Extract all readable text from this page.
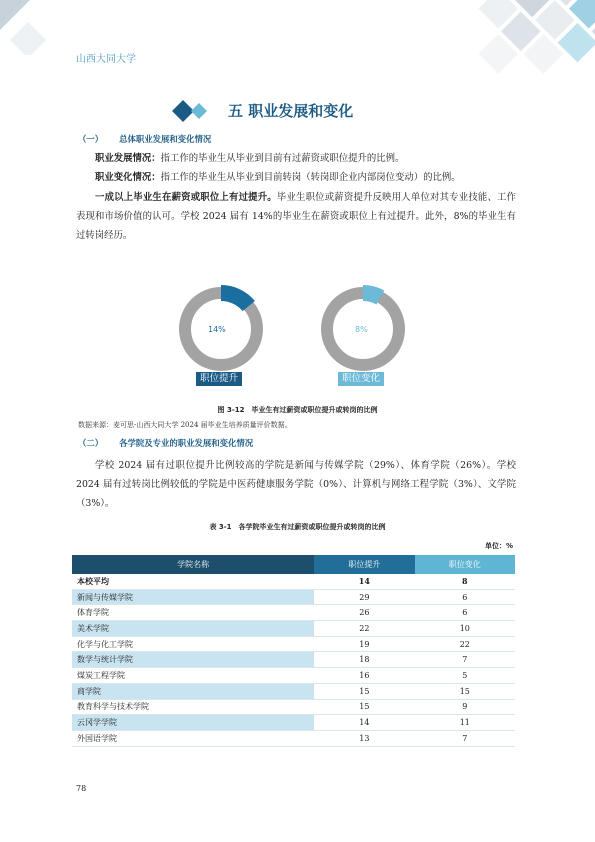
山西大同大学
五 职业发展和变化
（一） 总体职业发展和变化情况
职业发展情况：指工作的毕业生从毕业到目前有过薪资或职位提升的比例。
职业变化情况：指工作的毕业生从毕业到目前转岗（转岗即企业内部岗位变动）的比例。
一成以上毕业生在薪资或职位上有过提升。毕业生职位或薪资提升反映用人单位对其专业技能、工作表现和市场价值的认可。学校 2024 届有 14%的毕业生在薪资或职位上有过提升。此外，8%的毕业生有过转岗经历。
14%
职位提升
8%
职位变化
图 3-12　毕业生有过薪资或职位提升或转岗的比例
数据来源：麦可思-山西大同大学 2024 届毕业生培养质量评价数据。
（二） 各学院及专业的职业发展和变化情况
学校 2024 届有过职位提升比例较高的学院是新闻与传媒学院（29%）、体育学院（26%）。学校 2024 届有过转岗比例较低的学院是中医药健康服务学院（0%）、计算机与网络工程学院（3%）、文学院（3%）。
表 3-1　各学院毕业生有过薪资或职位提升或转岗的比例
单位：%
学院名称	职位提升	职位变化
本校平均	14	8
新闻与传媒学院	29	6
体育学院	26	6
美术学院	22	10
化学与化工学院	19	22
数学与统计学院	18	7
煤炭工程学院	16	5
商学院	15	15
教育科学与技术学院	15	9
云冈学学院	14	11
外国语学院	13	7
78
